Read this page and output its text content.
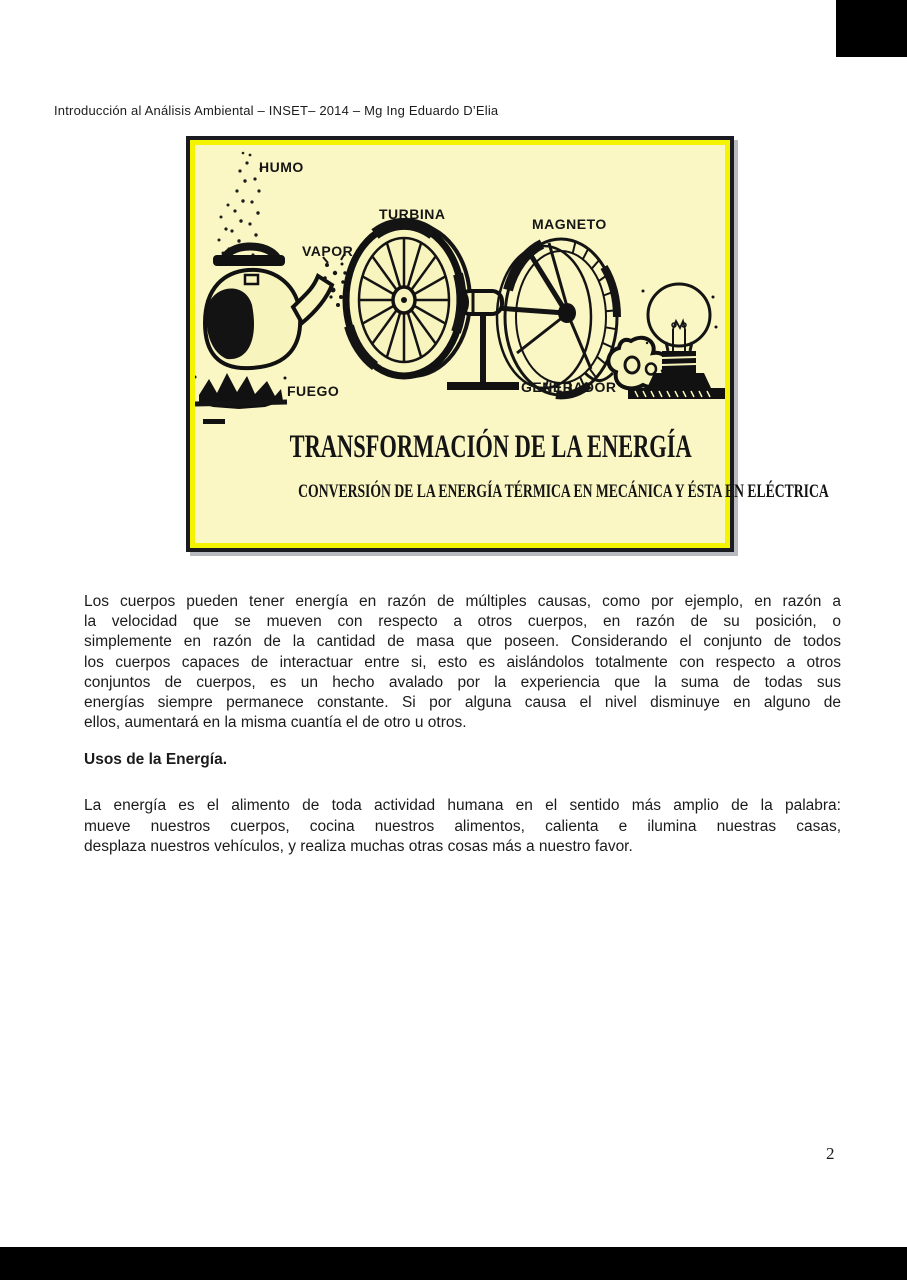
Introducción al Análisis Ambiental – INSET– 2014 – Mg Ing Eduardo D’Elia
HUMO
VAPOR
TURBINA
MAGNETO
FUEGO	GENERADOR
TRANSFORMACIÓN DE LA ENERGÍA
CONVERSIÓN DE LA ENERGÍA TÉRMICA EN MECÁNICA Y ÉSTA EN ELÉCTRICA
Los cuerpos pueden tener energía en razón de múltiples causas, como por ejemplo, en razón a
la velocidad que se mueven con respecto a otros cuerpos, en razón de su posición, o
simplemente en razón de la cantidad de masa que poseen. Considerando el conjunto de todos
los cuerpos capaces de interactuar entre si, esto es aislándolos totalmente con respecto a otros
conjuntos de cuerpos, es un hecho avalado por la experiencia que la suma de todas sus
energías siempre permanece constante. Si por alguna causa el nivel disminuye en alguno de
ellos, aumentará en la misma cuantía el de otro u otros.
Usos de la Energía.
La energía es el alimento de toda actividad humana en el sentido más amplio de la palabra:
mueve nuestros cuerpos, cocina nuestros alimentos, calienta e ilumina nuestras casas,
desplaza nuestros vehículos, y realiza muchas otras cosas más a nuestro favor.
2
